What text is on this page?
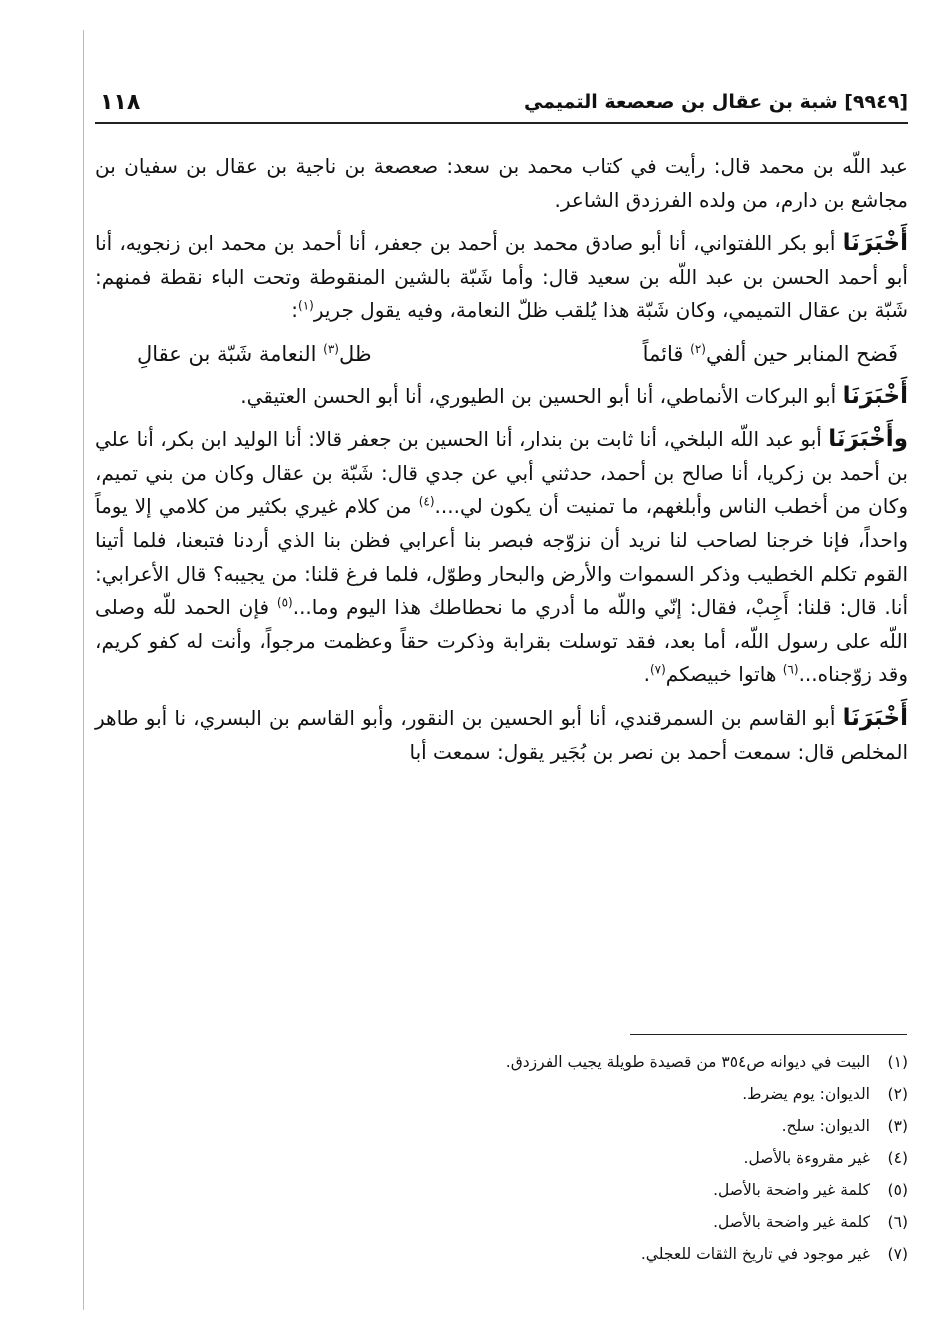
[٩٩٤٩] شبة بن عقال بن صعصعة التميمي
١١٨

عبد اللّه بن محمد قال: رأيت في كتاب محمد بن سعد: صعصعة بن ناجية بن عقال بن سفيان بن مجاشع بن دارم، من ولده الفرزدق الشاعر.

أَخْبَرَنَا أبو بكر اللفتواني، أنا أبو صادق محمد بن أحمد بن جعفر، أنا أحمد بن محمد ابن زنجويه، أنا أبو أحمد الحسن بن عبد اللّه بن سعيد قال: وأما شَبّة بالشين المنقوطة وتحت الباء نقطة فمنهم: شَبّة بن عقال التميمي، وكان شَبّة هذا يُلقب ظلّ النعامة، وفيه يقول جرير$^{(١)}$:

فَضح المنابر حين ألفي$^{(٢)}$ قائماً
ظل$^{(٣)}$ النعامة شَبّة بن عقالِ

أَخْبَرَنَا أبو البركات الأنماطي، أنا أبو الحسين بن الطيوري، أنا أبو الحسن العتيقي.

وأَخْبَرَنَا أبو عبد اللّه البلخي، أنا ثابت بن بندار، أنا الحسين بن جعفر قالا: أنا الوليد ابن بكر، أنا علي بن أحمد بن زكريا، أنا صالح بن أحمد، حدثني أبي عن جدي قال: شَبّة بن عقال وكان من بني تميم، وكان من أخطب الناس وأبلغهم، ما تمنيت أن يكون لي....$^{(٤)}$ من كلام غيري بكثير من كلامي إلا يوماً واحداً، فإنا خرجنا لصاحب لنا نريد أن نزوّجه فبصر بنا أعرابي فظن بنا الذي أردنا فتبعنا، فلما أتينا القوم تكلم الخطيب وذكر السموات والأرض والبحار وطوّل، فلما فرغ قلنا: من يجيبه؟ قال الأعرابي: أنا. قال: قلنا: أَجِبْ، فقال: إنّي واللّه ما أدري ما نحطاطك هذا اليوم وما...$^{(٥)}$ فإن الحمد للّه وصلى اللّه على رسول اللّه، أما بعد، فقد توسلت بقرابة وذكرت حقاً وعظمت مرجواً، وأنت له كفو كريم، وقد زوّجناه...$^{(٦)}$ هاتوا خبيصكم$^{(٧)}$.

أَخْبَرَنَا أبو القاسم بن السمرقندي، أنا أبو الحسين بن النقور، وأبو القاسم بن البسري، نا أبو طاهر المخلص قال: سمعت أحمد بن نصر بن بُجَير يقول: سمعت أبا

(١)
البيت في ديوانه ص٣٥٤ من قصيدة طويلة يجيب الفرزدق.
(٢)
الديوان: يوم يضرط.
(٣)
الديوان: سلح.
(٤)
غير مقروءة بالأصل.
(٥)
كلمة غير واضحة بالأصل.
(٦)
كلمة غير واضحة بالأصل.
(٧)
غير موجود في تاريخ الثقات للعجلي.
